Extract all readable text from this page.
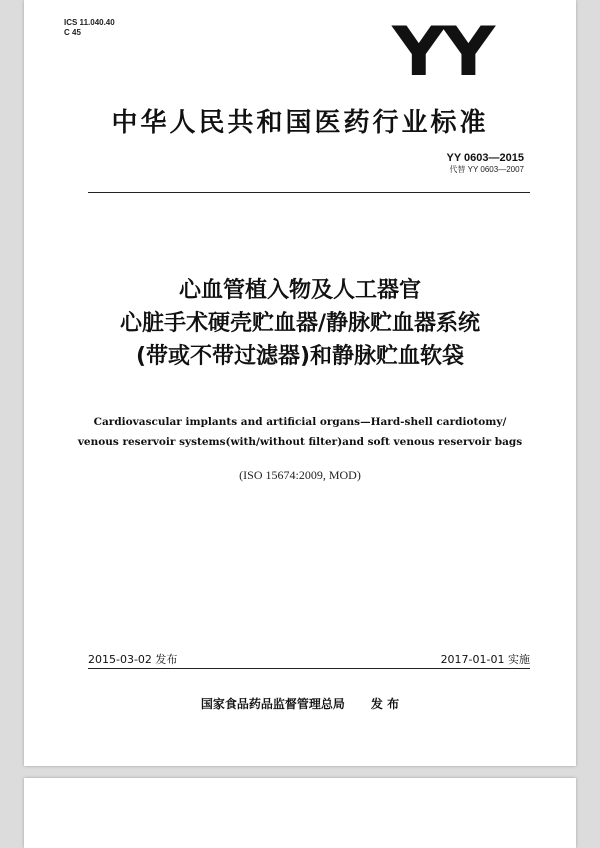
ICS 11.040.40
C 45	YY
中华人民共和国医药行业标准
YY 0603—2015
代替 YY 0603—2007
心血管植入物及人工器官
心脏手术硬壳贮血器/静脉贮血器系统
(带或不带过滤器)和静脉贮血软袋
Cardiovascular implants and artificial organs—Hard-shell cardiotomy/
venous reservoir systems(with/without filter)and soft venous reservoir bags
(ISO 15674:2009, MOD)
2015-03-02 发布	2017-01-01 实施
国家食品药品监督管理总局 发 布
